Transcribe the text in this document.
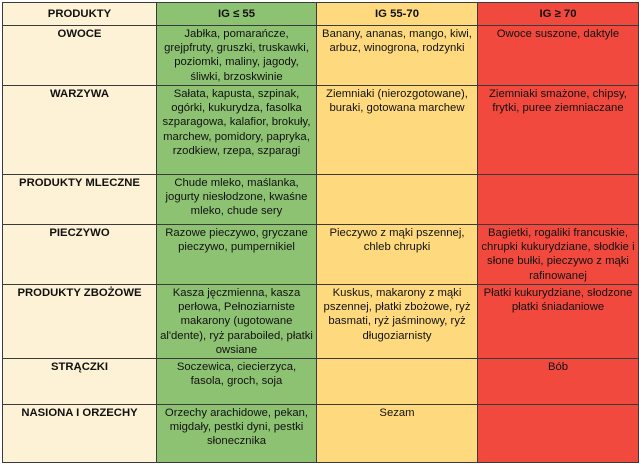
PRODUKTY	IG ≤ 55	IG 55-70	IG ≥ 70
OWOCE	Jabłka, pomarańcze, grejpfruty, gruszki, truskawki, poziomki, maliny, jagody, śliwki, brzoskwinie	Banany, ananas, mango, kiwi, arbuz, winogrona, rodzynki	Owoce suszone, daktyle
WARZYWA	Sałata, kapusta, szpinak, ogórki, kukurydza, fasolka szparagowa, kalafior, brokuły, marchew, pomidory, papryka, rzodkiew, rzepa, szparagi	Ziemniaki (nierozgotowane), buraki, gotowana marchew	Ziemniaki smażone, chipsy, frytki, puree ziemniaczane
PRODUKTY MLECZNE	Chude mleko, maślanka, jogurty niesłodzone, kwaśne mleko, chude sery		
PIECZYWO	Razowe pieczywo, gryczane pieczywo, pumpernikiel	Pieczywo z mąki pszennej, chleb chrupki	Bagietki, rogaliki francuskie, chrupki kukurydziane, słodkie i słone bułki, pieczywo z mąki rafinowanej
PRODUKTY ZBOŻOWE	Kasza jęczmienna, kasza perłowa, Pełnoziarniste makarony (ugotowane al'dente), ryż paraboiled, płatki owsiane	Kuskus, makarony z mąki pszennej, płatki zbożowe, ryż basmati, ryż jaśminowy, ryż długoziarnisty	Płatki kukurydziane, słodzone płatki śniadaniowe
STRĄCZKI	Soczewica, ciecierzyca, fasola, groch, soja		Bób
NASIONA I ORZECHY	Orzechy arachidowe, pekan, migdały, pestki dyni, pestki słonecznika	Sezam	
